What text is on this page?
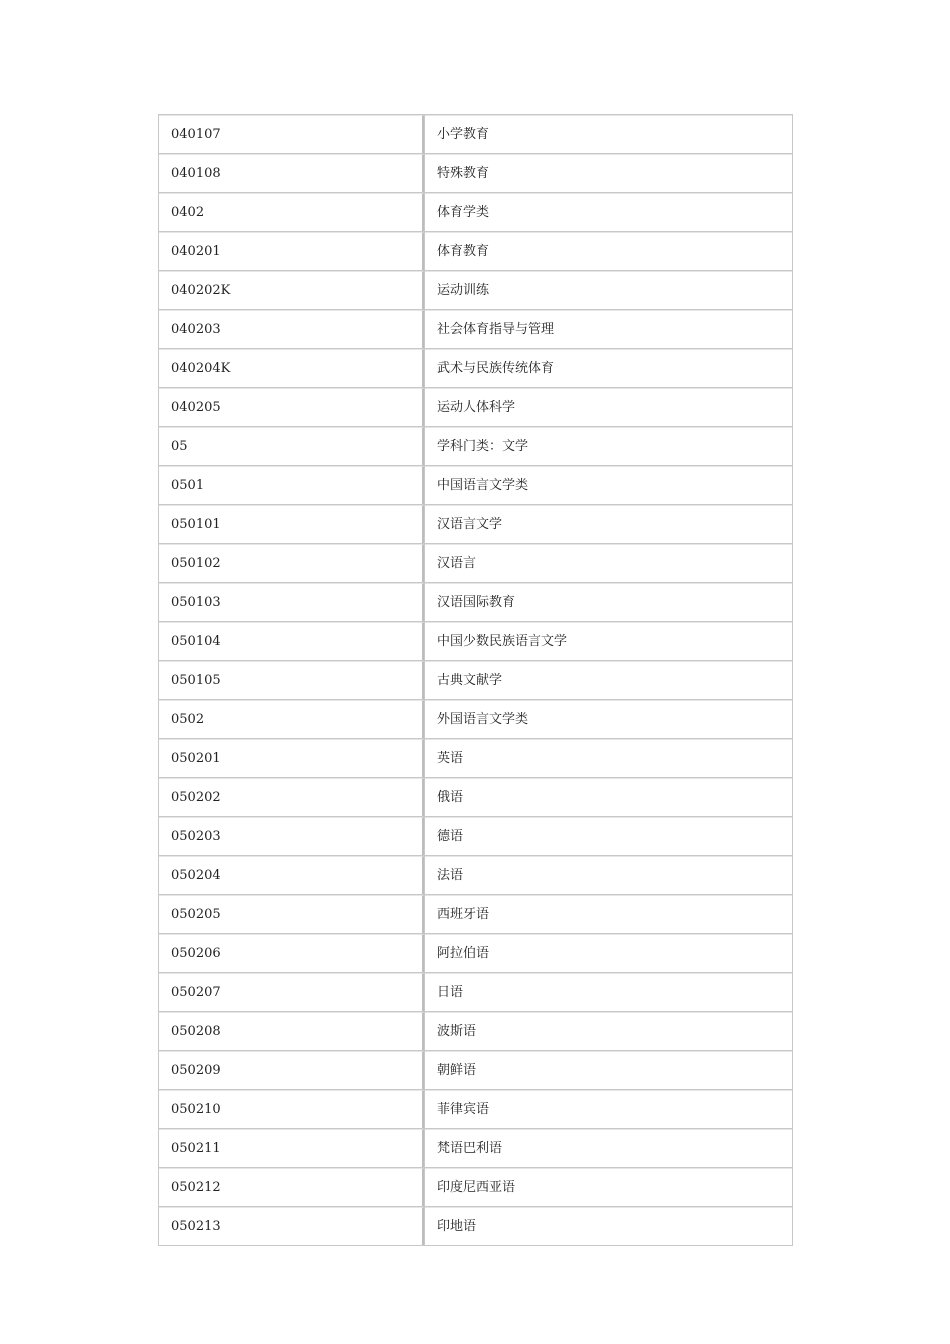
040107	小学教育
040108	特殊教育
0402	体育学类
040201	体育教育
040202K	运动训练
040203	社会体育指导与管理
040204K	武术与民族传统体育
040205	运动人体科学
05	学科门类：文学
0501	中国语言文学类
050101	汉语言文学
050102	汉语言
050103	汉语国际教育
050104	中国少数民族语言文学
050105	古典文献学
0502	外国语言文学类
050201	英语
050202	俄语
050203	德语
050204	法语
050205	西班牙语
050206	阿拉伯语
050207	日语
050208	波斯语
050209	朝鲜语
050210	菲律宾语
050211	梵语巴利语
050212	印度尼西亚语
050213	印地语
